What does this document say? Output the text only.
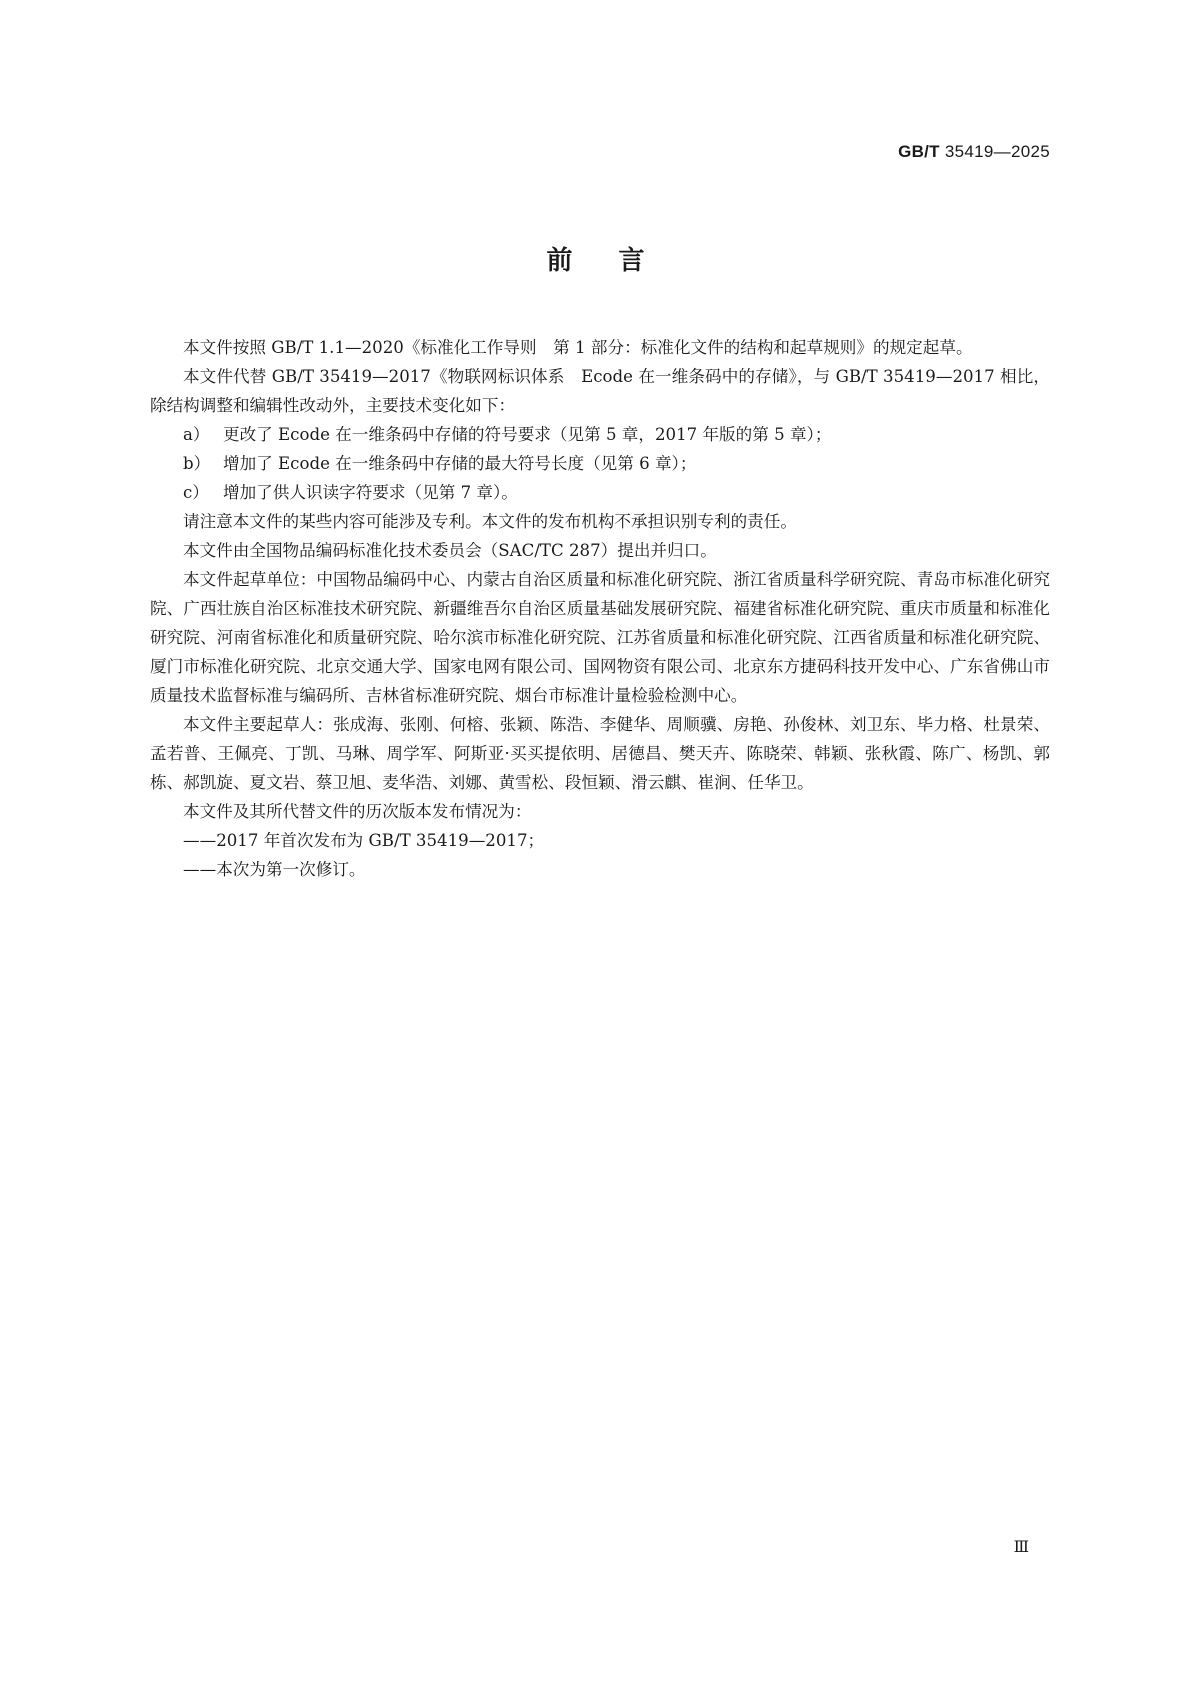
GB/T 35419—2025
前言

本文件按照 GB/T 1.1—2020《标准化工作导则　第 1 部分：标准化文件的结构和起草规则》的规定起草。

本文件代替 GB/T 35419—2017《物联网标识体系　Ecode 在一维条码中的存储》，与 GB/T 35419—2017 相比，除结构调整和编辑性改动外，主要技术变化如下：

a） 更改了 Ecode 在一维条码中存储的符号要求（见第 5 章，2017 年版的第 5 章）；

b） 增加了 Ecode 在一维条码中存储的最大符号长度（见第 6 章）；

c） 增加了供人识读字符要求（见第 7 章）。

请注意本文件的某些内容可能涉及专利。本文件的发布机构不承担识别专利的责任。

本文件由全国物品编码标准化技术委员会（SAC/TC 287）提出并归口。

本文件起草单位：中国物品编码中心、内蒙古自治区质量和标准化研究院、浙江省质量科学研究院、青岛市标准化研究院、广西壮族自治区标准技术研究院、新疆维吾尔自治区质量基础发展研究院、福建省标准化研究院、重庆市质量和标准化研究院、河南省标准化和质量研究院、哈尔滨市标准化研究院、江苏省质量和标准化研究院、江西省质量和标准化研究院、厦门市标准化研究院、北京交通大学、国家电网有限公司、国网物资有限公司、北京东方捷码科技开发中心、广东省佛山市质量技术监督标准与编码所、吉林省标准研究院、烟台市标准计量检验检测中心。

本文件主要起草人：张成海、张刚、何榕、张颖、陈浩、李健华、周顺骥、房艳、孙俊林、刘卫东、毕力格、杜景荣、孟若普、王佩亮、丁凯、马琳、周学军、阿斯亚·买买提依明、居德昌、樊天卉、陈晓荣、韩颖、张秋霞、陈广、杨凯、郭栋、郝凯旋、夏文岩、蔡卫旭、麦华浩、刘娜、黄雪松、段恒颖、滑云麒、崔涧、任华卫。

本文件及其所代替文件的历次版本发布情况为：

——2017 年首次发布为 GB/T 35419—2017；

——本次为第一次修订。

Ⅲ
